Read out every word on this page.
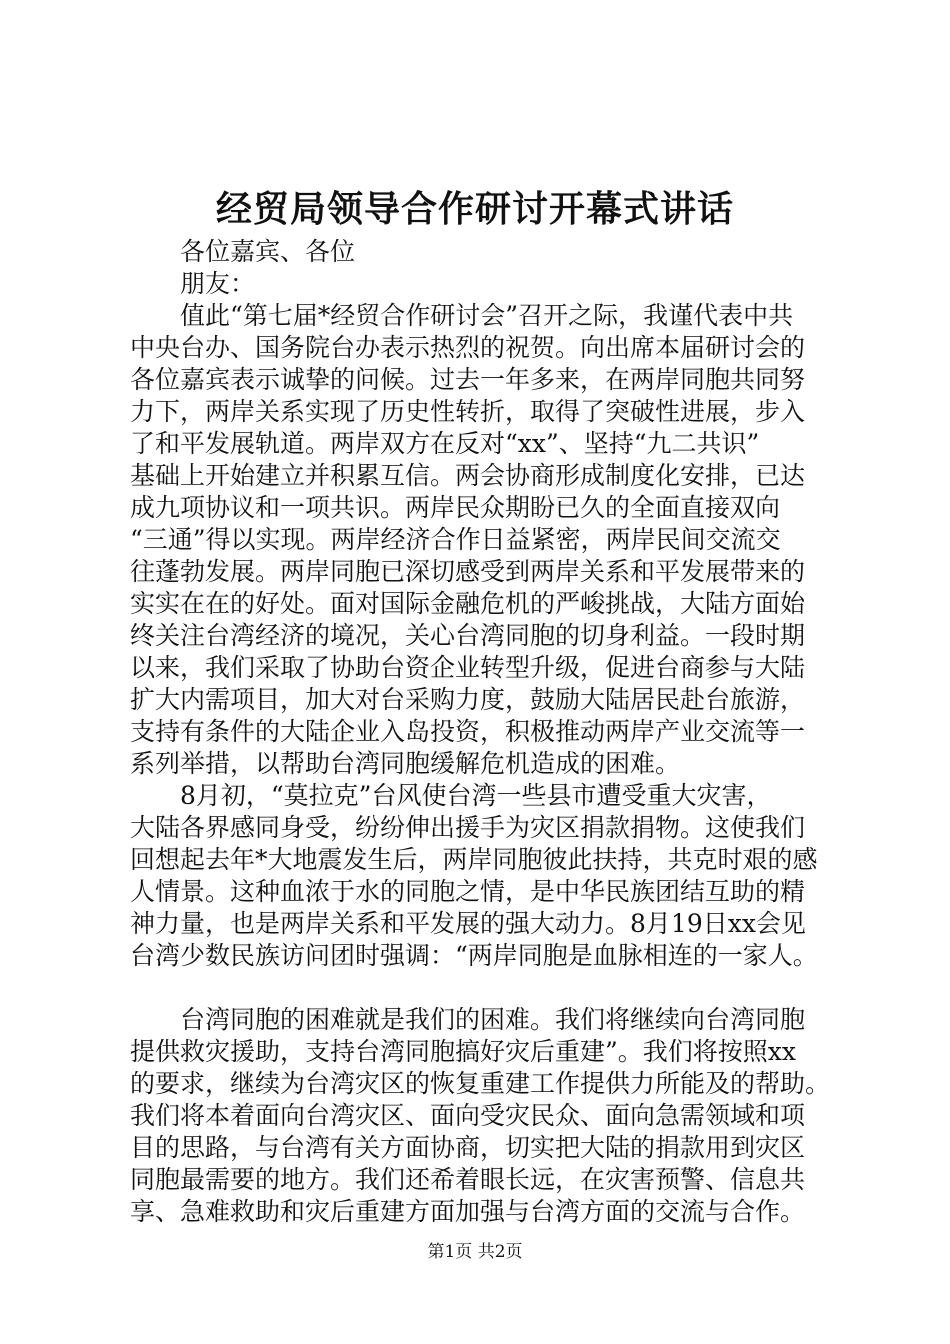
经贸局领导合作研讨开幕式讲话
各位嘉宾、各位
朋友：
值此“第七届*经贸合作研讨会”召开之际，我谨代表中共
中央台办、国务院台办表示热烈的祝贺。向出席本届研讨会的
各位嘉宾表示诚挚的问候。过去一年多来，在两岸同胞共同努
力下，两岸关系实现了历史性转折，取得了突破性进展，步入
了和平发展轨道。两岸双方在反对“xx”、坚持“九二共识”
基础上开始建立并积累互信。两会协商形成制度化安排，已达
成九项协议和一项共识。两岸民众期盼已久的全面直接双向
“三通”得以实现。两岸经济合作日益紧密，两岸民间交流交
往蓬勃发展。两岸同胞已深切感受到两岸关系和平发展带来的
实实在在的好处。面对国际金融危机的严峻挑战，大陆方面始
终关注台湾经济的境况，关心台湾同胞的切身利益。一段时期
以来，我们采取了协助台资企业转型升级，促进台商参与大陆
扩大内需项目，加大对台采购力度，鼓励大陆居民赴台旅游，
支持有条件的大陆企业入岛投资，积极推动两岸产业交流等一
系列举措，以帮助台湾同胞缓解危机造成的困难。
8月初，“莫拉克”台风使台湾一些县市遭受重大灾害，
大陆各界感同身受，纷纷伸出援手为灾区捐款捐物。这使我们
回想起去年*大地震发生后，两岸同胞彼此扶持，共克时艰的感
人情景。这种血浓于水的同胞之情，是中华民族团结互助的精
神力量，也是两岸关系和平发展的强大动力。8月19日xx会见
台湾少数民族访问团时强调：“两岸同胞是血脉相连的一家人。
台湾同胞的困难就是我们的困难。我们将继续向台湾同胞
提供救灾援助，支持台湾同胞搞好灾后重建”。我们将按照xx
的要求，继续为台湾灾区的恢复重建工作提供力所能及的帮助。
我们将本着面向台湾灾区、面向受灾民众、面向急需领域和项
目的思路，与台湾有关方面协商，切实把大陆的捐款用到灾区
同胞最需要的地方。我们还希着眼长远，在灾害预警、信息共
享、急难救助和灾后重建方面加强与台湾方面的交流与合作。
第1页 共2页
